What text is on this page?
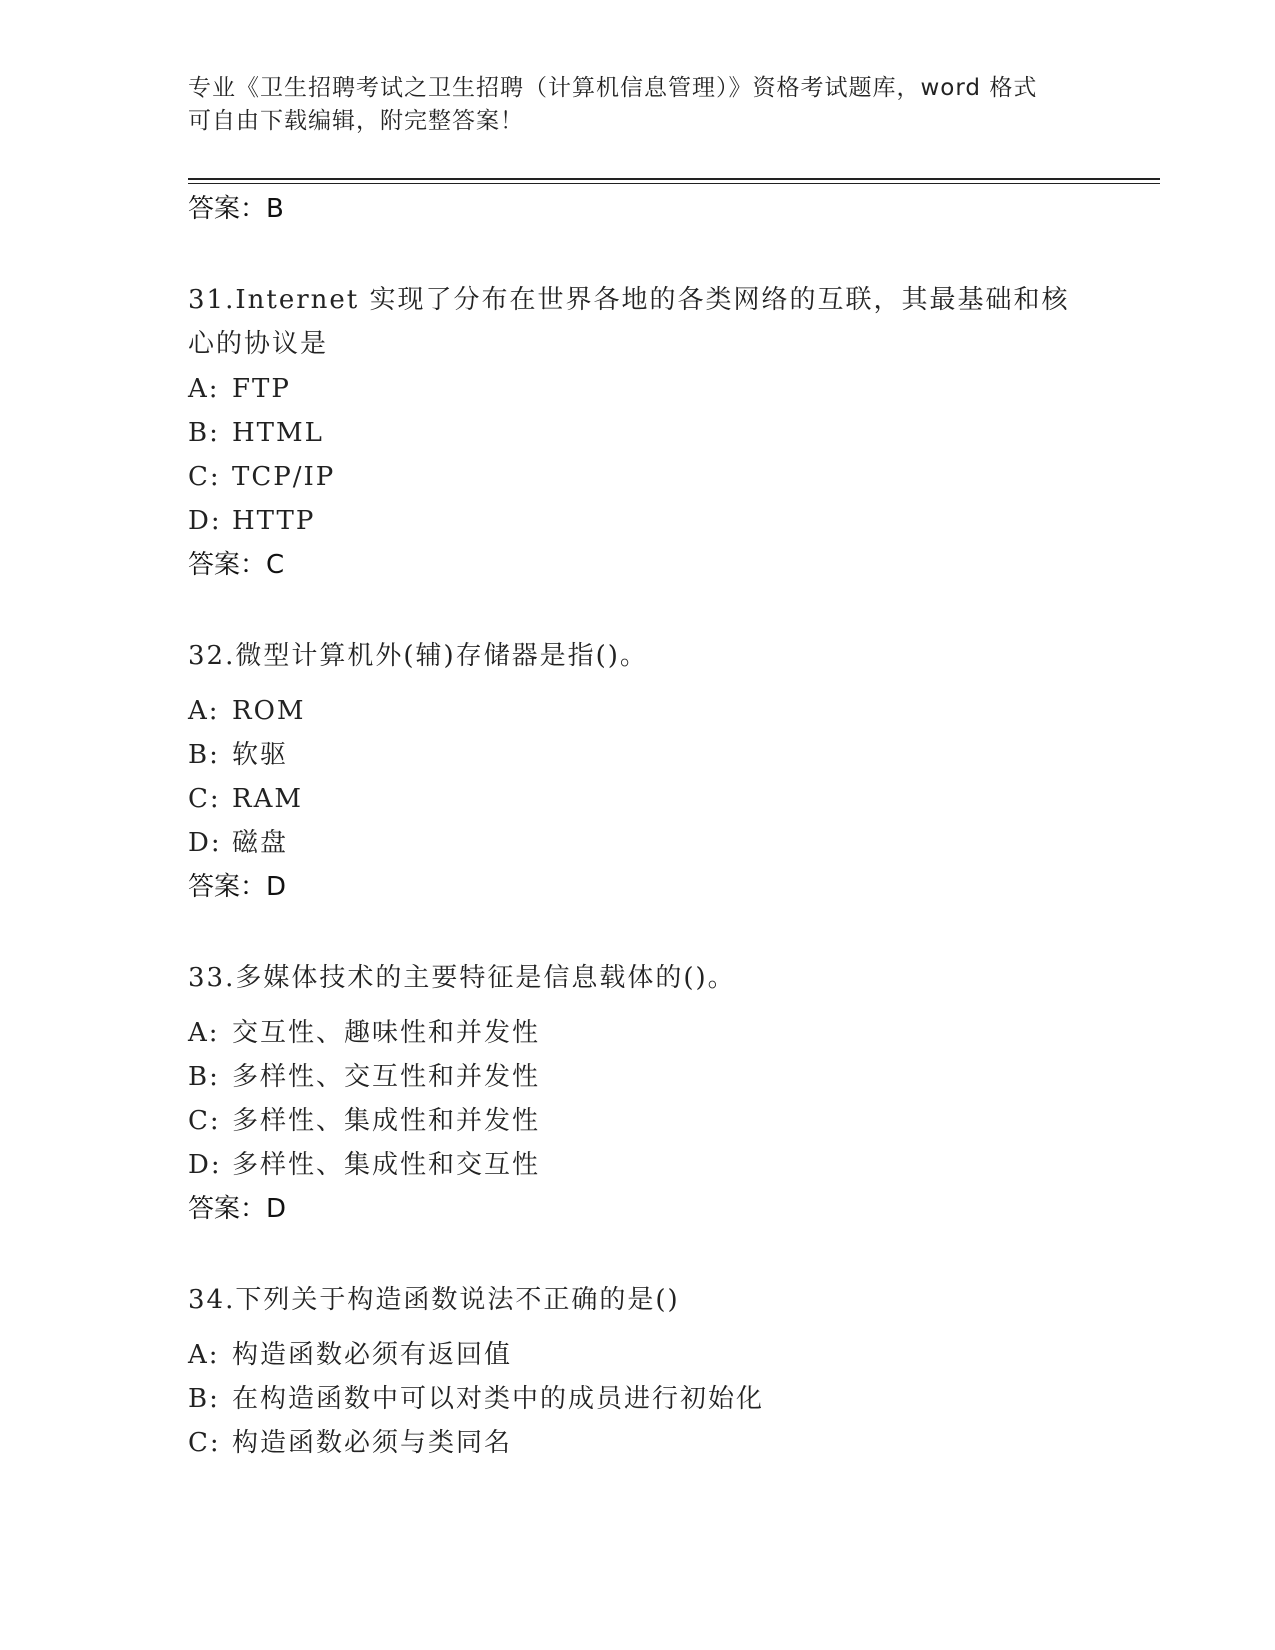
专业《卫生招聘考试之卫生招聘（计算机信息管理）》资格考试题库，word 格式
可自由下载编辑，附完整答案！
答案：B
31.Internet 实现了分布在世界各地的各类网络的互联，其最基础和核
心的协议是
A: FTP
B: HTML
C: TCP/IP
D: HTTP
答案：C
32.微型计算机外(辅)存储器是指()。
A: ROM
B: 软驱
C: RAM
D: 磁盘
答案：D
33.多媒体技术的主要特征是信息载体的()。
A: 交互性、趣味性和并发性
B: 多样性、交互性和并发性
C: 多样性、集成性和并发性
D: 多样性、集成性和交互性
答案：D
34.下列关于构造函数说法不正确的是()
A: 构造函数必须有返回值
B: 在构造函数中可以对类中的成员进行初始化
C: 构造函数必须与类同名
